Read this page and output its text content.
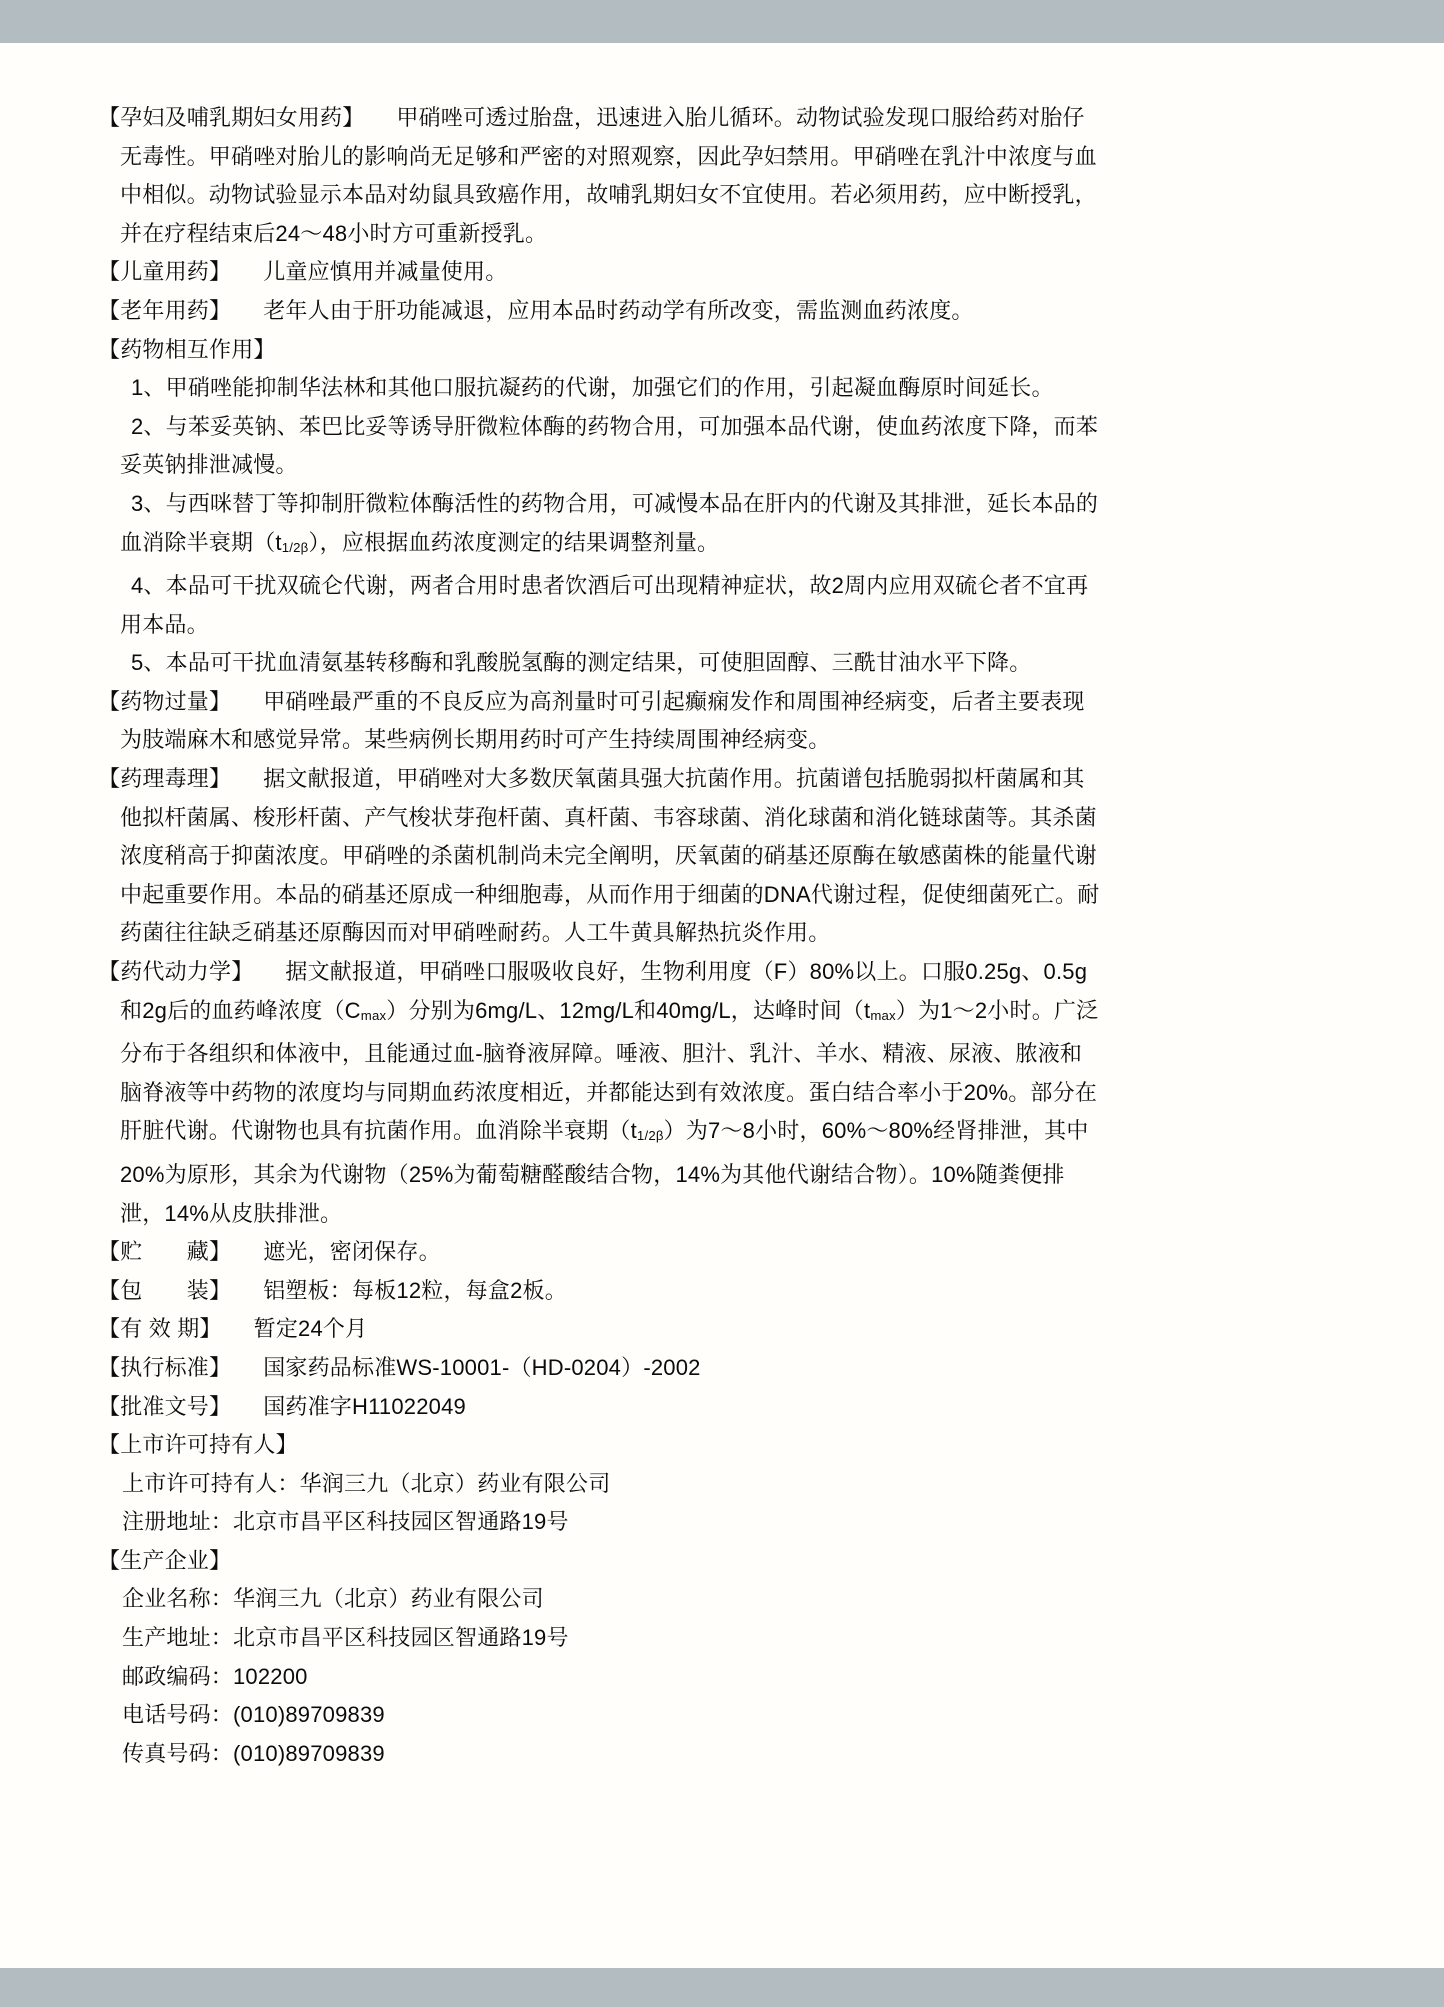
【孕妇及哺乳期妇女用药】 甲硝唑可透过胎盘，迅速进入胎儿循环。动物试验发现口服给药对胎仔无毒性。甲硝唑对胎儿的影响尚无足够和严密的对照观察，因此孕妇禁用。甲硝唑在乳汁中浓度与血中相似。动物试验显示本品对幼鼠具致癌作用，故哺乳期妇女不宜使用。若必须用药，应中断授乳，并在疗程结束后24～48小时方可重新授乳。
【儿童用药】 儿童应慎用并减量使用。
【老年用药】 老年人由于肝功能减退，应用本品时药动学有所改变，需监测血药浓度。
【药物相互作用】
1、甲硝唑能抑制华法林和其他口服抗凝药的代谢，加强它们的作用，引起凝血酶原时间延长。
2、与苯妥英钠、苯巴比妥等诱导肝微粒体酶的药物合用，可加强本品代谢，使血药浓度下降，而苯妥英钠排泄减慢。
3、与西咪替丁等抑制肝微粒体酶活性的药物合用，可减慢本品在肝内的代谢及其排泄，延长本品的血消除半衰期（t1/2β），应根据血药浓度测定的结果调整剂量。
4、本品可干扰双硫仑代谢，两者合用时患者饮酒后可出现精神症状，故2周内应用双硫仑者不宜再用本品。
5、本品可干扰血清氨基转移酶和乳酸脱氢酶的测定结果，可使胆固醇、三酰甘油水平下降。
【药物过量】 甲硝唑最严重的不良反应为高剂量时可引起癫痫发作和周围神经病变，后者主要表现为肢端麻木和感觉异常。某些病例长期用药时可产生持续周围神经病变。
【药理毒理】 据文献报道，甲硝唑对大多数厌氧菌具强大抗菌作用。抗菌谱包括脆弱拟杆菌属和其他拟杆菌属、梭形杆菌、产气梭状芽孢杆菌、真杆菌、韦容球菌、消化球菌和消化链球菌等。其杀菌浓度稍高于抑菌浓度。甲硝唑的杀菌机制尚未完全阐明，厌氧菌的硝基还原酶在敏感菌株的能量代谢中起重要作用。本品的硝基还原成一种细胞毒，从而作用于细菌的DNA代谢过程，促使细菌死亡。耐药菌往往缺乏硝基还原酶因而对甲硝唑耐药。人工牛黄具解热抗炎作用。
【药代动力学】 据文献报道，甲硝唑口服吸收良好，生物利用度（F）80%以上。口服0.25g、0.5g和2g后的血药峰浓度（Cmax）分别为6mg/L、12mg/L和40mg/L，达峰时间（tmax）为1～2小时。广泛分布于各组织和体液中，且能通过血-脑脊液屏障。唾液、胆汁、乳汁、羊水、精液、尿液、脓液和脑脊液等中药物的浓度均与同期血药浓度相近，并都能达到有效浓度。蛋白结合率小于20%。部分在肝脏代谢。代谢物也具有抗菌作用。血消除半衰期（t1/2β）为7～8小时，60%～80%经肾排泄，其中20%为原形，其余为代谢物（25%为葡萄糖醛酸结合物，14%为其他代谢结合物）。10%随粪便排泄，14%从皮肤排泄。
【贮　　藏】 遮光，密闭保存。
【包　　装】 铝塑板：每板12粒，每盒2板。
【有 效 期】 暂定24个月
【执行标准】 国家药品标准WS-10001-（HD-0204）-2002
【批准文号】 国药准字H11022049
【上市许可持有人】
上市许可持有人：华润三九（北京）药业有限公司
注册地址：北京市昌平区科技园区智通路19号
【生产企业】
企业名称：华润三九（北京）药业有限公司
生产地址：北京市昌平区科技园区智通路19号
邮政编码：102200
电话号码：(010)89709839
传真号码：(010)89709839
